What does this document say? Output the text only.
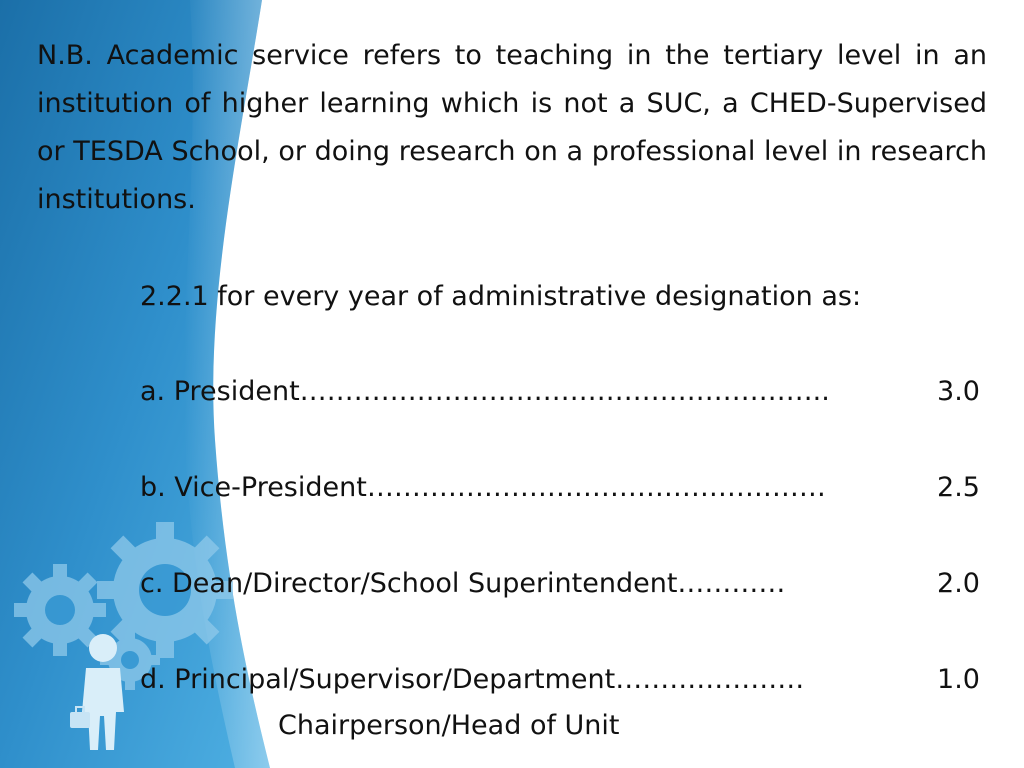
N.B. Academic service refers to teaching in the tertiary level in an institution of higher learning which is not a SUC, a CHED-Supervised or TESDA School, or doing research on a professional level in research institutions.

2.2.1 for every year of administrative designation as:
a. President …………………………………………………..	3.0
b. Vice-President ……………………………………………	2.5
c. Dean/Director/School Superintendent …………	2.0
d. Principal/Supervisor/Department …………………	1.0
Chairperson/Head of Unit
